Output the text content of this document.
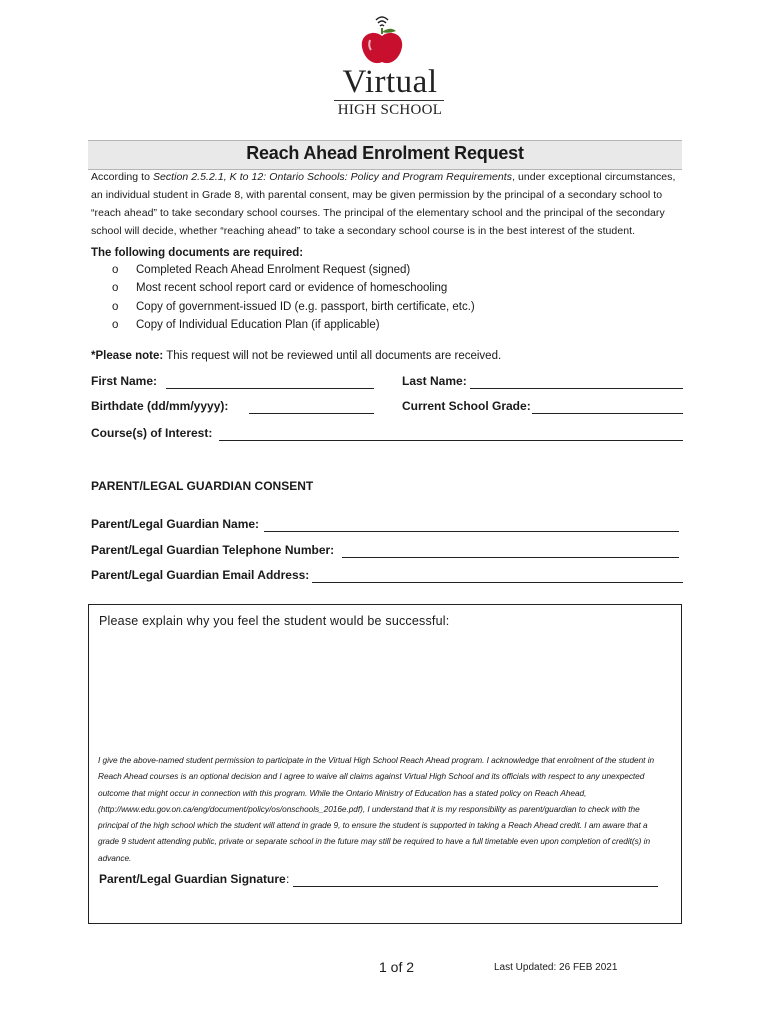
Virtual
HIGH SCHOOL
Reach Ahead Enrolment Request
According to Section 2.5.2.1, K to 12: Ontario Schools: Policy and Program Requirements, under exceptional circumstances, an individual student in Grade 8, with parental consent, may be given permission by the principal of a secondary school to “reach ahead” to take secondary school courses. The principal of the elementary school and the principal of the secondary school will decide, whether “reaching ahead” to take a secondary school course is in the best interest of the student.
The following documents are required:
o Completed Reach Ahead Enrolment Request (signed)
o Most recent school report card or evidence of homeschooling
o Copy of government-issued ID (e.g. passport, birth certificate, etc.)
o Copy of Individual Education Plan (if applicable)
*Please note: This request will not be reviewed until all documents are received.
First Name:	Last Name:
Birthdate (dd/mm/yyyy):	Current School Grade:
Course(s) of Interest:
PARENT/LEGAL GUARDIAN CONSENT
Parent/Legal Guardian Name:
Parent/Legal Guardian Telephone Number:
Parent/Legal Guardian Email Address:
Please explain why you feel the student would be successful:
I give the above-named student permission to participate in the Virtual High School Reach Ahead program. I acknowledge that enrolment of the student in Reach Ahead courses is an optional decision and I agree to waive all claims against Virtual High School and its officials with respect to any unexpected outcome that might occur in connection with this program. While the Ontario Ministry of Education has a stated policy on Reach Ahead, (http://www.edu.gov.on.ca/eng/document/policy/os/onschools_2016e.pdf), I understand that it is my responsibility as parent/guardian to check with the principal of the high school which the student will attend in grade 9, to ensure the student is supported in taking a Reach Ahead credit. I am aware that a grade 9 student attending public, private or separate school in the future may still be required to have a full timetable even upon completion of credit(s) in advance.
Parent/Legal Guardian Signature :
1 of 2	Last Updated: 26 FEB 2021
